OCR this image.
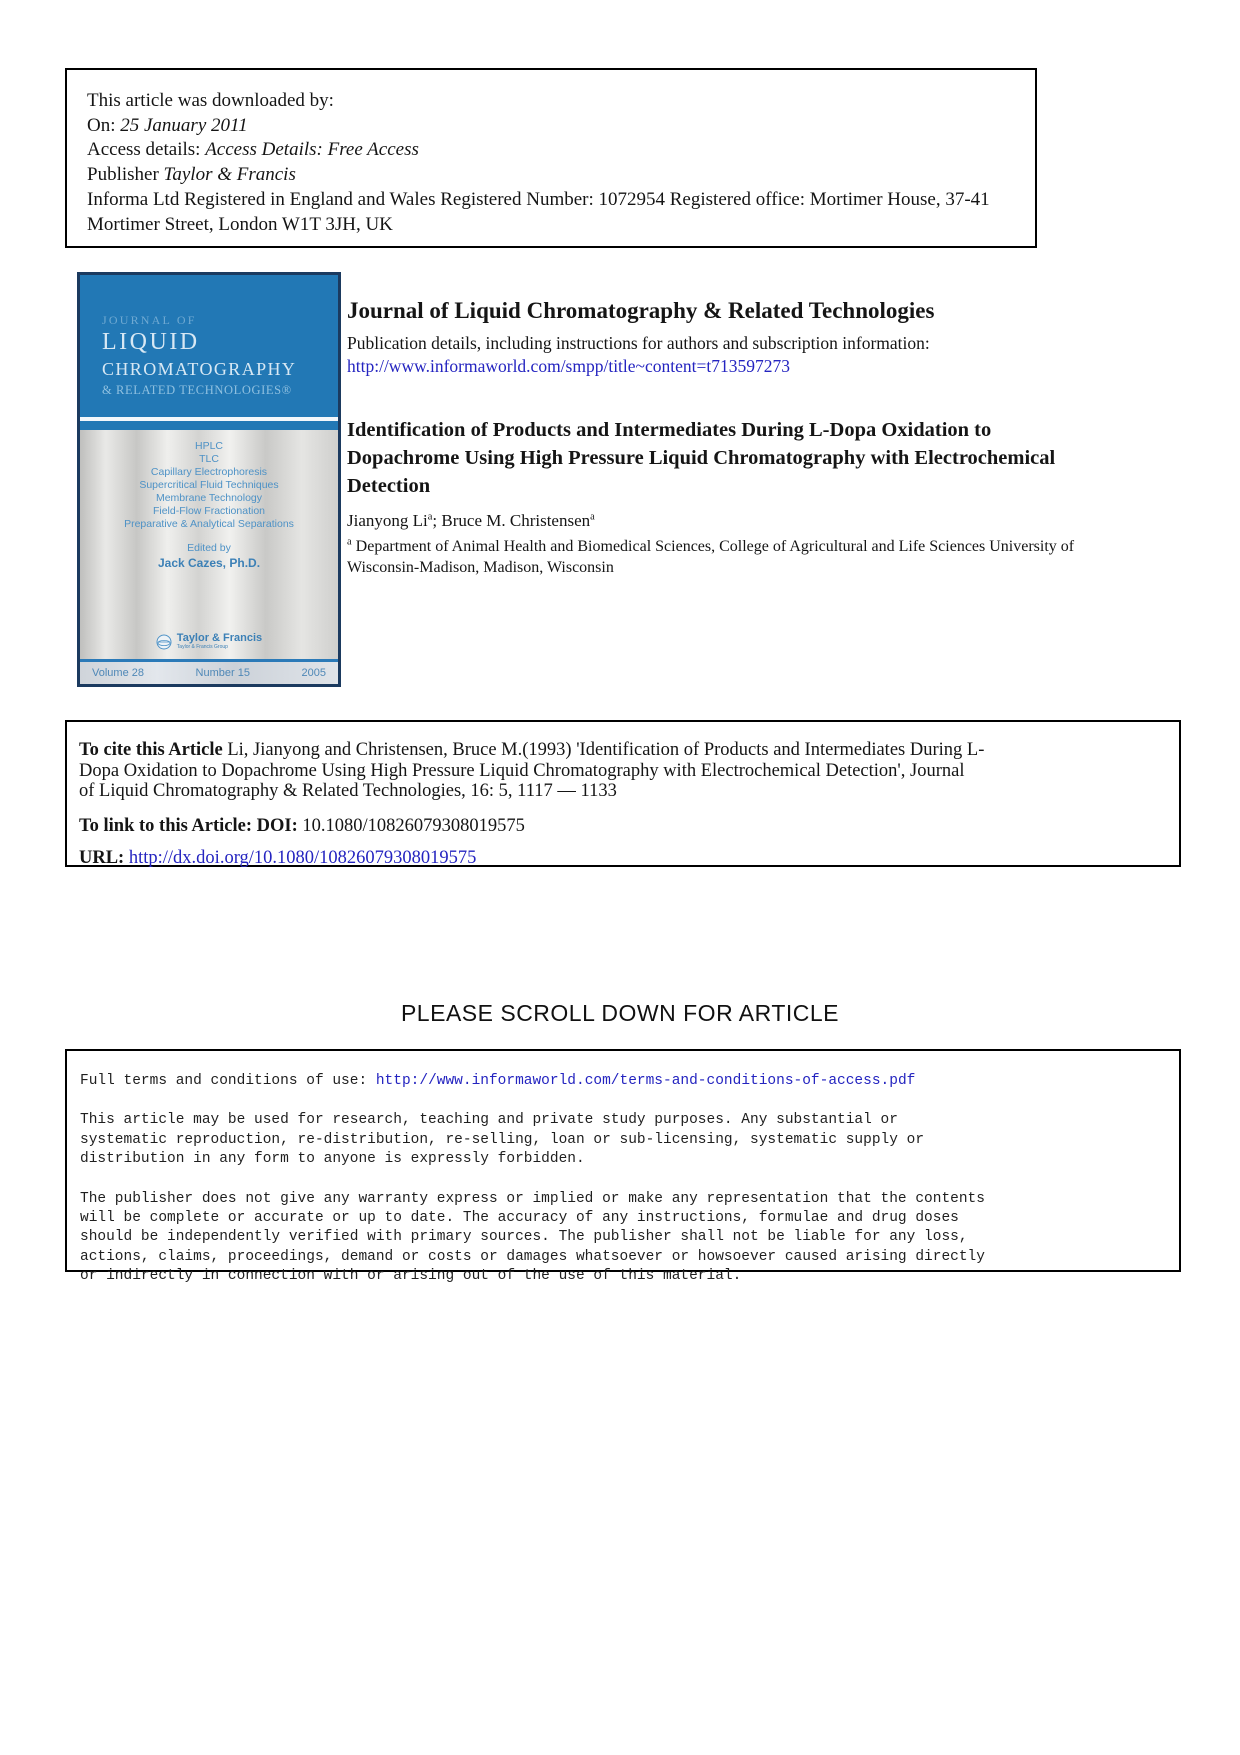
This article was downloaded by:
On: 25 January 2011
Access details: Access Details: Free Access
Publisher Taylor & Francis
Informa Ltd Registered in England and Wales Registered Number: 1072954 Registered office: Mortimer House, 37-41 Mortimer Street, London W1T 3JH, UK
JOURNAL OF
LIQUID
CHROMATOGRAPHY
& RELATED TECHNOLOGIES®
HPLC
TLC
Capillary Electrophoresis
Supercritical Fluid Techniques
Membrane Technology
Field-Flow Fractionation
Preparative & Analytical Separations
Edited by
Jack Cazes, Ph.D.
Taylor & Francis
Taylor & Francis Group
Volume 28	Number 15	2005
Journal of Liquid Chromatography & Related Technologies
Publication details, including instructions for authors and subscription information:
http://www.informaworld.com/smpp/title~content=t713597273
Identification of Products and Intermediates During L-Dopa Oxidation to Dopachrome Using High Pressure Liquid Chromatography with Electrochemical Detection
Jianyong Li$^a$; Bruce M. Christensen$^a$
$^a$ Department of Animal Health and Biomedical Sciences, College of Agricultural and Life Sciences University of Wisconsin-Madison, Madison, Wisconsin
To cite this Article Li, Jianyong and Christensen, Bruce M.(1993) 'Identification of Products and Intermediates During L-
Dopa Oxidation to Dopachrome Using High Pressure Liquid Chromatography with Electrochemical Detection', Journal
of Liquid Chromatography & Related Technologies, 16: 5, 1117 — 1133
To link to this Article: DOI: 10.1080/10826079308019575
URL: http://dx.doi.org/10.1080/10826079308019575
PLEASE SCROLL DOWN FOR ARTICLE
Full terms and conditions of use: http://www.informaworld.com/terms-and-conditions-of-access.pdf
This article may be used for research, teaching and private study purposes. Any substantial or
systematic reproduction, re-distribution, re-selling, loan or sub-licensing, systematic supply or
distribution in any form to anyone is expressly forbidden.
The publisher does not give any warranty express or implied or make any representation that the contents
will be complete or accurate or up to date. The accuracy of any instructions, formulae and drug doses
should be independently verified with primary sources. The publisher shall not be liable for any loss,
actions, claims, proceedings, demand or costs or damages whatsoever or howsoever caused arising directly
or indirectly in connection with or arising out of the use of this material.
